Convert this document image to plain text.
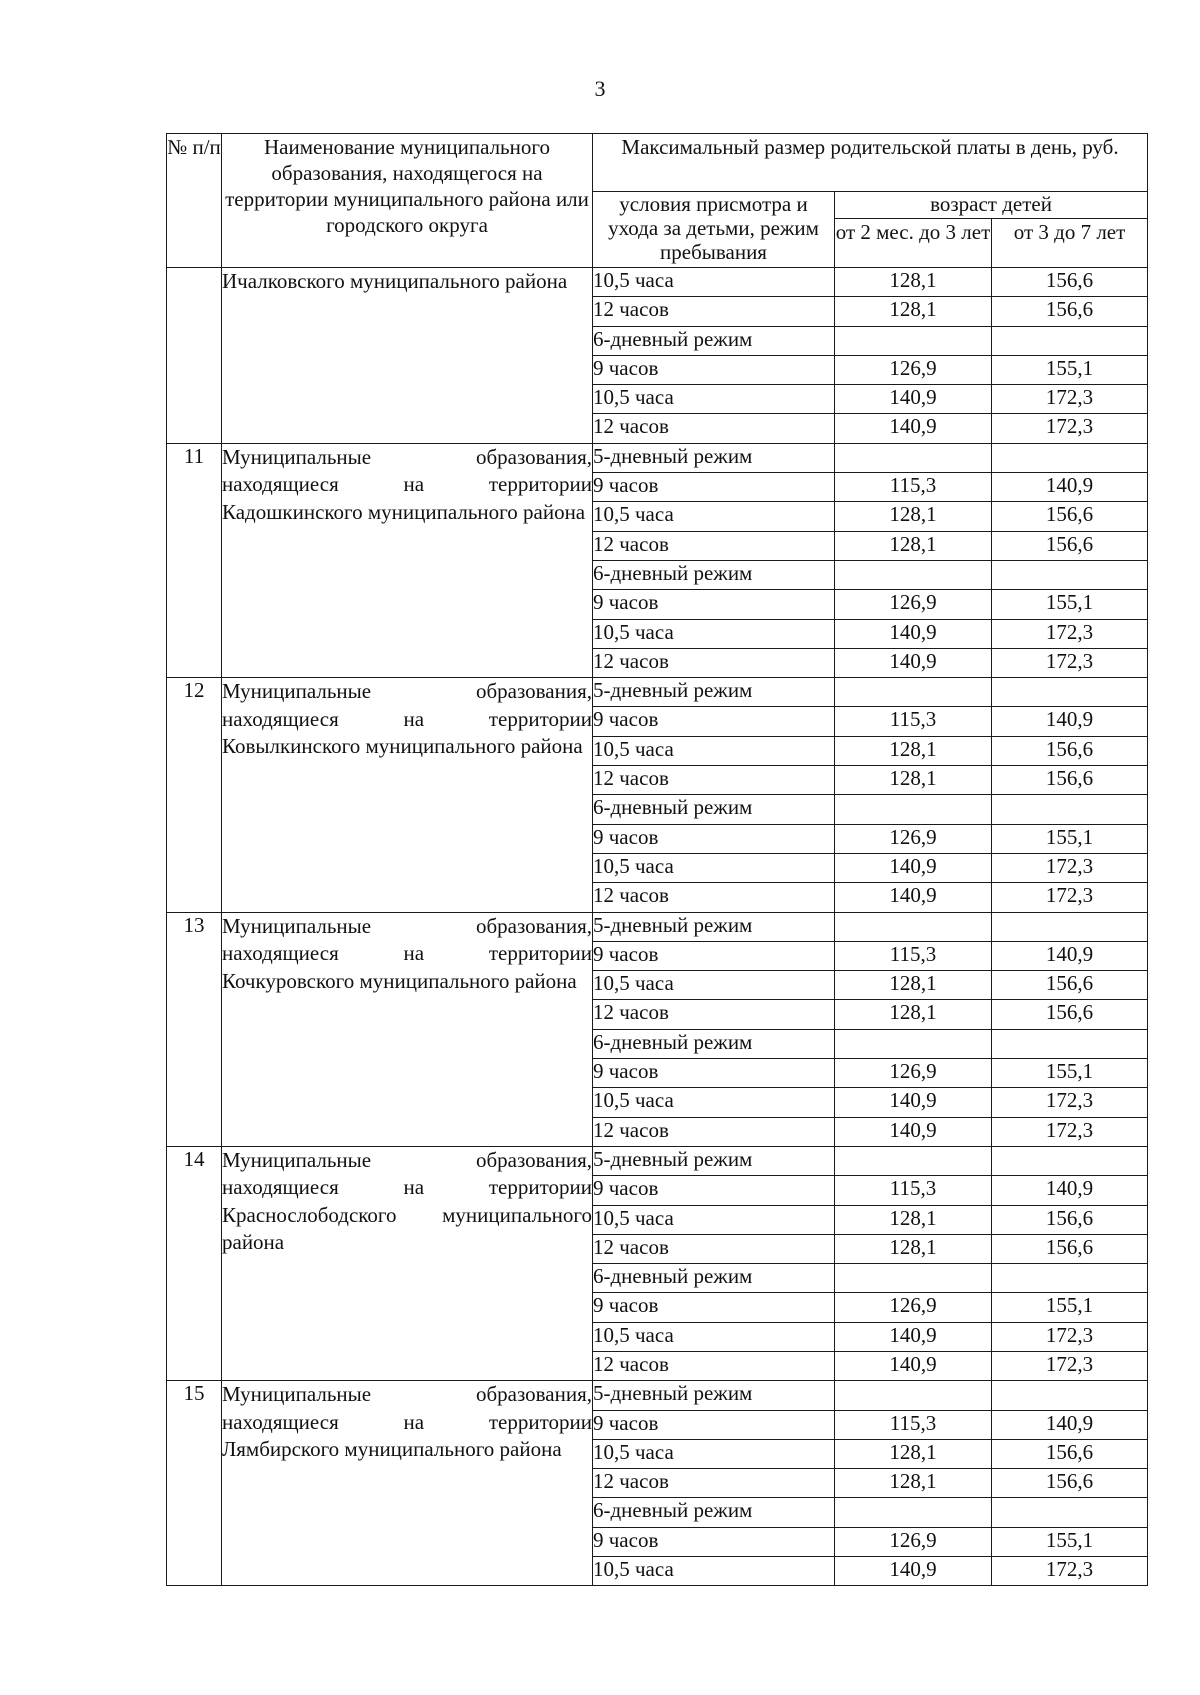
3
№ п/п	Наименование муниципального образования, находящегося на территории муниципального района или городского округа	Максимальный размер родительской платы в день, руб.		
		условия присмотра и ухода за детьми, режим пребывания	возраст детей	
			от 2 мес. до 3 лет	от 3 до 7 лет
	Ичалковского муниципального района	10,5 часа	128,1	156,6
		12 часов	128,1	156,6
		6-дневный режим		
		9 часов	126,9	155,1
		10,5 часа	140,9	172,3
		12 часов	140,9	172,3
11	Муниципальные образования, находящиеся на территории Кадошкинского муниципального района	5-дневный режим		
		9 часов	115,3	140,9
		10,5 часа	128,1	156,6
		12 часов	128,1	156,6
		6-дневный режим		
		9 часов	126,9	155,1
		10,5 часа	140,9	172,3
		12 часов	140,9	172,3
12	Муниципальные образования, находящиеся на территории Ковылкинского муниципального района	5-дневный режим		
		9 часов	115,3	140,9
		10,5 часа	128,1	156,6
		12 часов	128,1	156,6
		6-дневный режим		
		9 часов	126,9	155,1
		10,5 часа	140,9	172,3
		12 часов	140,9	172,3
13	Муниципальные образования, находящиеся на территории Кочкуровского муниципального района	5-дневный режим		
		9 часов	115,3	140,9
		10,5 часа	128,1	156,6
		12 часов	128,1	156,6
		6-дневный режим		
		9 часов	126,9	155,1
		10,5 часа	140,9	172,3
		12 часов	140,9	172,3
14	Муниципальные образования, находящиеся на территории Краснослободского муниципального района	5-дневный режим		
		9 часов	115,3	140,9
		10,5 часа	128,1	156,6
		12 часов	128,1	156,6
		6-дневный режим		
		9 часов	126,9	155,1
		10,5 часа	140,9	172,3
		12 часов	140,9	172,3
15	Муниципальные образования, находящиеся на территории Лямбирского муниципального района	5-дневный режим		
		9 часов	115,3	140,9
		10,5 часа	128,1	156,6
		12 часов	128,1	156,6
		6-дневный режим		
		9 часов	126,9	155,1
		10,5 часа	140,9	172,3
